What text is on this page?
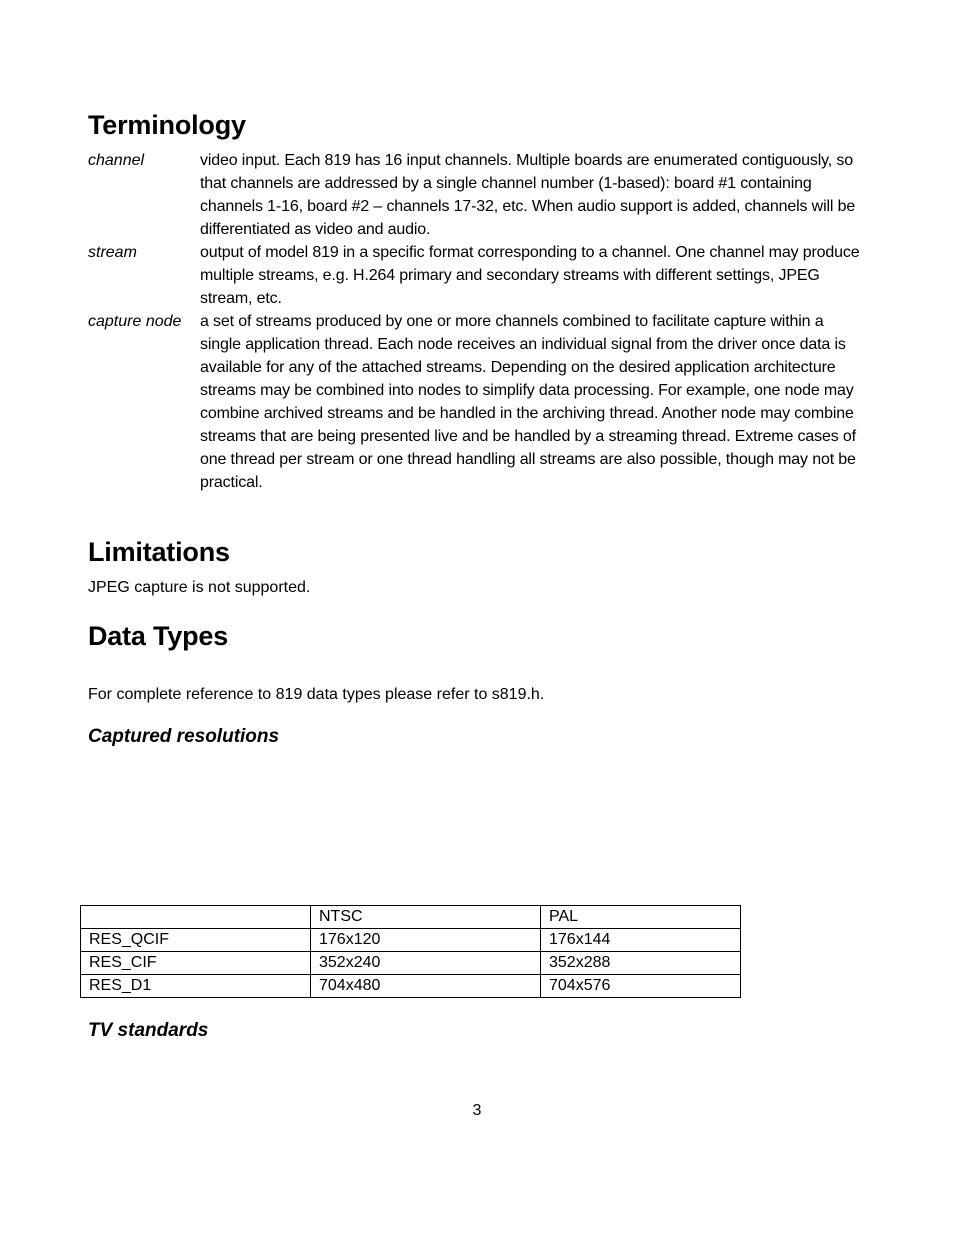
Terminology
channel	video input. Each 819 has 16 input channels. Multiple boards are enumerated contiguously, so that channels are addressed by a single channel number (1-based): board #1 containing channels 1-16, board #2 – channels 17-32, etc. When audio support is added, channels will be differentiated as video and audio.
stream	output of model 819 in a specific format corresponding to a channel. One channel may produce multiple streams, e.g. H.264 primary and secondary streams with different settings, JPEG stream, etc.
capture node	a set of streams produced by one or more channels combined to facilitate capture within a single application thread. Each node receives an individual signal from the driver once data is available for any of the attached streams. Depending on the desired application architecture streams may be combined into nodes to simplify data processing. For example, one node may combine archived streams and be handled in the archiving thread. Another node may combine streams that are being presented live and be handled by a streaming thread. Extreme cases of one thread per stream or one thread handling all streams are also possible, though may not be practical.
Limitations
JPEG capture is not supported.
Data Types
For complete reference to 819 data types please refer to s819.h.
Captured resolutions
	NTSC	PAL
RES_QCIF	176x120	176x144
RES_CIF	352x240	352x288
RES_D1	704x480	704x576
TV standards
3
